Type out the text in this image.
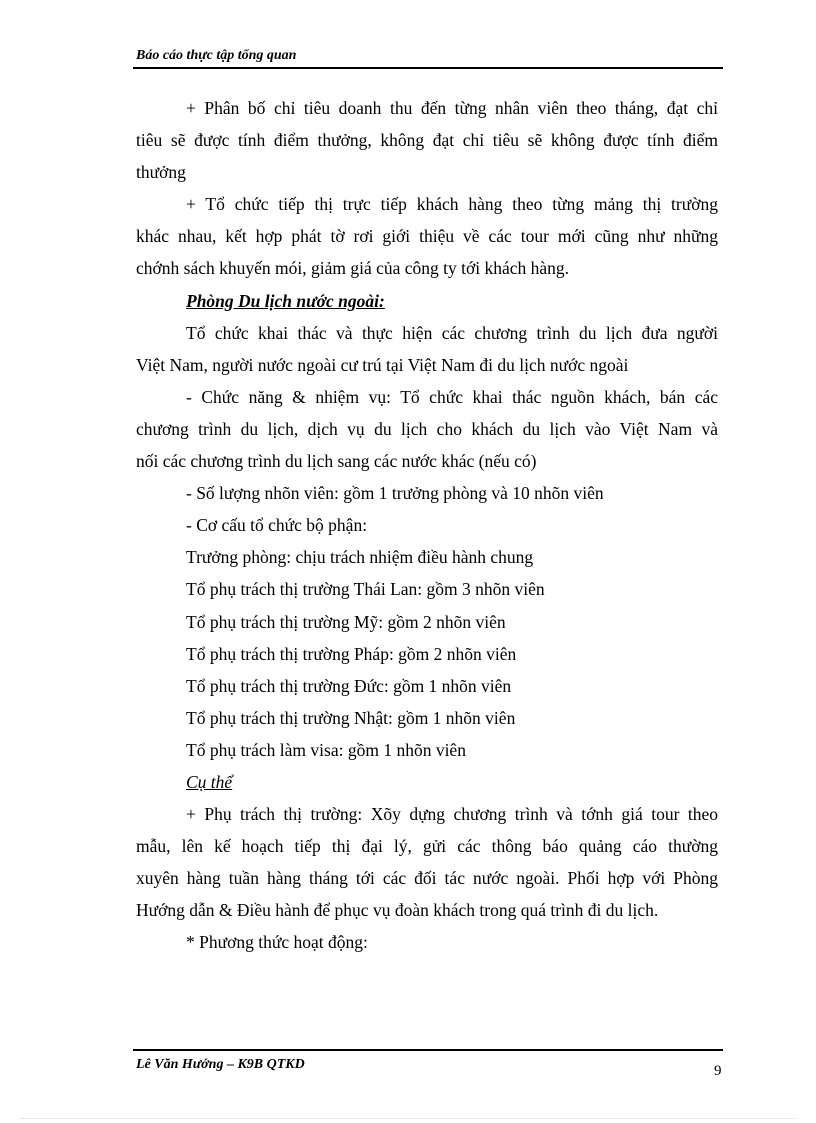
Báo cáo thực tập tổng quan
+ Phân bố chỉ tiêu doanh thu đến từng nhân viên theo tháng, đạt chỉ
tiêu sẽ được tính điểm thưởng, không đạt chỉ tiêu sẽ không được tính điểm
thưởng
+ Tổ chức tiếp thị trực tiếp khách hàng theo từng mảng thị trường
khác nhau, kết hợp phát tờ rơi giới thiệu về các tour mới cũng như những
chớnh sách khuyến mói, giảm giá của công ty tới khách hàng.
Phòng Du lịch nước ngoài:
Tổ chức khai thác và thực hiện các chương trình du lịch đưa người
Việt Nam, người nước ngoài cư trú tại Việt Nam đi du lịch nước ngoài
- Chức năng & nhiệm vụ: Tổ chức khai thác nguồn khách, bán các
chương trình du lịch, dịch vụ du lịch cho khách du lịch vào Việt Nam và
nối các chương trình du lịch sang các nước khác (nếu có)
- Số lượng nhõn viên: gồm 1 trưởng phòng và 10 nhõn viên
- Cơ cấu tổ chức bộ phận:
Trưởng phòng: chịu trách nhiệm điều hành chung
Tổ phụ trách thị trường Thái Lan: gồm 3 nhõn viên
Tổ phụ trách thị trường Mỹ: gồm 2 nhõn viên
Tổ phụ trách thị trường Pháp: gồm 2 nhõn viên
Tổ phụ trách thị trường Đức: gồm 1 nhõn viên
Tổ phụ trách thị trường Nhật: gồm 1 nhõn viên
Tổ phụ trách làm visa: gồm 1 nhõn viên
Cụ thể
+ Phụ trách thị trường: Xõy dựng chương trình và tớnh giá tour theo
mẫu, lên kế hoạch tiếp thị đại lý, gửi các thông báo quảng cáo thường
xuyên hàng tuần hàng tháng tới các đối tác nước ngoài. Phối hợp với Phòng
Hướng dẫn & Điều hành để phục vụ đoàn khách trong quá trình đi du lịch.
* Phương thức hoạt động:
Lê Văn Hướng – K9B QTKD	9
